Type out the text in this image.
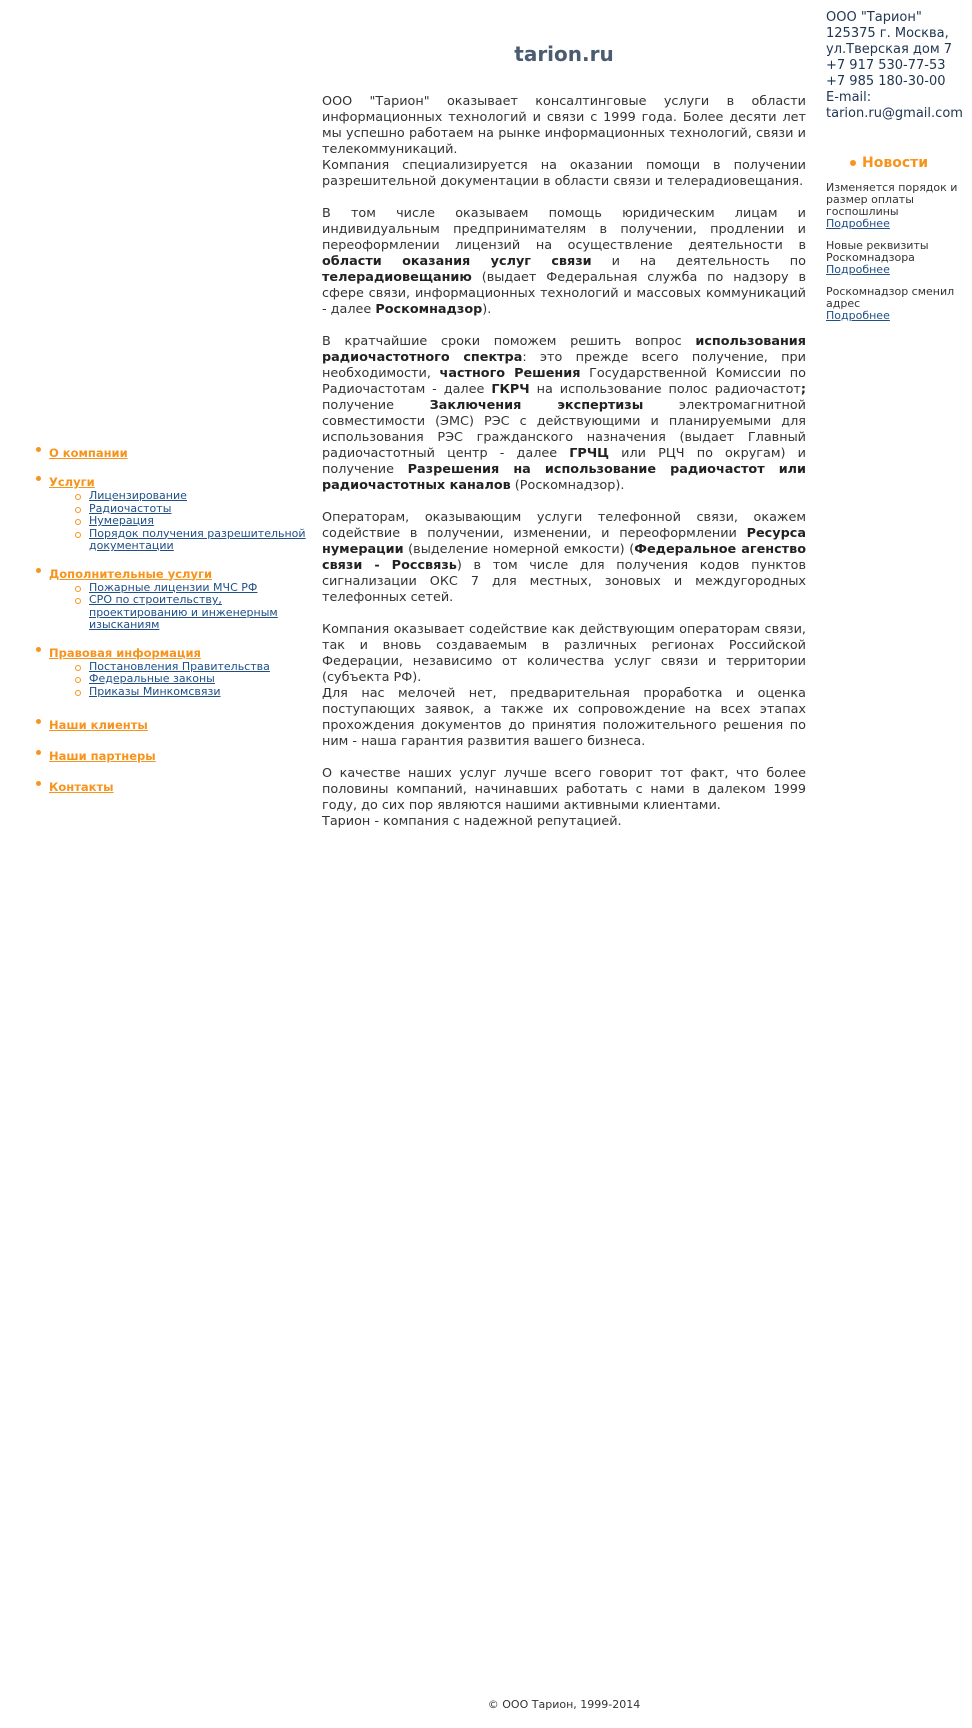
tarion.ru
ООО "Тарион"
125375 г. Москва,
ул.Тверская дом 7
+7 917 530-77-53
+7 985 180-30-00
E-mail:
tarion.ru@gmail.com
Новости
Изменяется порядок и размер оплаты госпошлины
Подробнее
Новые реквизиты Роскомнадзора
Подробнее
Роскомнадзор сменил адрес
Подробнее

ООО "Тарион" оказывает консалтинговые услуги в области информационных технологий и связи с 1999 года. Более десяти лет мы успешно работаем на рынке информационных технологий, связи и телекоммуникаций.

Компания специализируется на оказании помощи в получении разрешительной документации в области связи и телерадиовещания.

В том числе оказываем помощь юридическим лицам и индивидуальным предпринимателям в получении, продлении и переоформлении лицензий на осуществление деятельности в области оказания услуг связи и на деятельность по телерадиовещанию (выдает Федеральная служба по надзору в сфере связи, информационных технологий и массовых коммуникаций - далее Роскомнадзор).

В кратчайшие сроки поможем решить вопрос использования радиочастотного спектра: это прежде всего получение, при необходимости, частного Решения Государственной Комиссии по Радиочастотам - далее ГКРЧ на использование полос радиочастот; получение Заключения экспертизы электромагнитной совместимости (ЭМС) РЭС с действующими и планируемыми для использования РЭС гражданского назначения (выдает Главный радиочастотный центр - далее ГРЧЦ или РЦЧ по округам) и получение Разрешения на использование радиочастот или радиочастотных каналов (Роскомнадзор).

Операторам, оказывающим услуги телефонной связи, окажем содействие в получении, изменении, и переоформлении Ресурса нумерации (выделение номерной емкости) (Федеральное агенство связи - Россвязь) в том числе для получения кодов пунктов сигнализации ОКС 7 для местных, зоновых и междугородных телефонных сетей.

Компания оказывает содействие как действующим операторам связи, так и вновь создаваемым в различных регионах Российской Федерации, независимо от количества услуг связи и территории (субъекта РФ).

Для нас мелочей нет, предварительная проработка и оценка поступающих заявок, а также их сопровождение на всех этапах прохождения документов до принятия положительного решения по ним - наша гарантия развития вашего бизнеса.

О качестве наших услуг лучше всего говорит тот факт, что более половины компаний, начинавших работать с нами в далеком 1999 году, до сих пор являются нашими активными клиентами.

Тарион - компания с надежной репутацией.

О компании
Услуги
Лицензирование
Радиочастоты
Нумерация
Порядок получения разрешительной документации
Дополнительные услуги
Пожарные лицензии МЧС РФ
СРО по строительству, проектированию и инженерным изысканиям
Правовая информация
Постановления Правительства
Федеральные законы
Приказы Минкомсвязи
Наши клиенты
Наши партнеры
Контакты
© ООО Тарион, 1999-2014
